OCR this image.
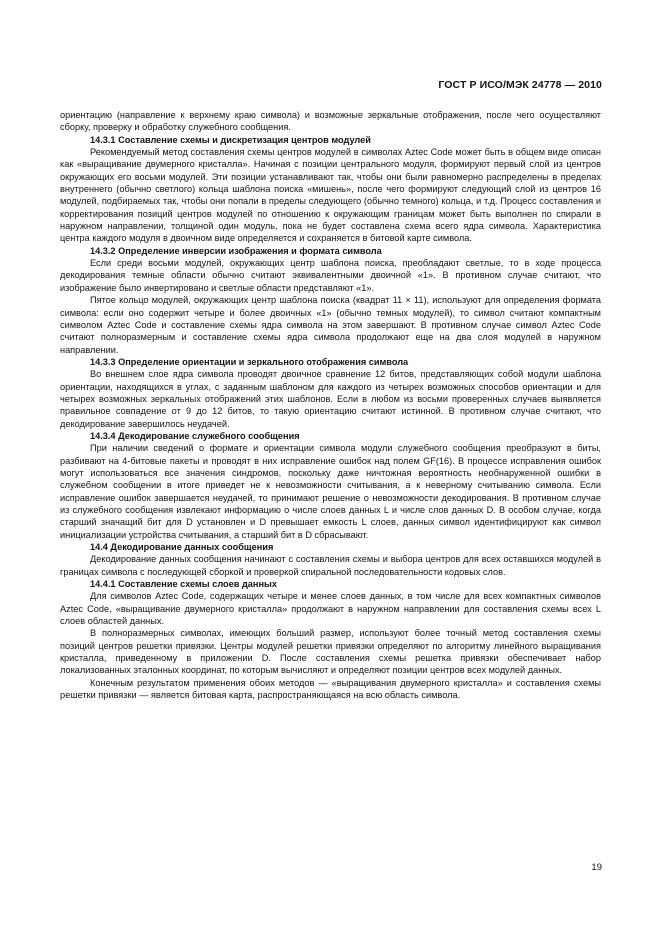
ГОСТ Р ИСО/МЭК 24778 — 2010

ориентацию (направление к верхнему краю символа) и возможные зеркальные отображения, после чего осуществляют сборку, проверку и обработку служебного сообщения.

14.3.1 Составление схемы и дискретизация центров модулей

Рекомендуемый метод составления схемы центров модулей в символах Aztec Code может быть в общем виде описан как «выращивание двумерного кристалла». Начиная с позиции центрального модуля, формируют первый слой из центров окружающих его восьми модулей. Эти позиции устанавливают так, чтобы они были равномерно распределены в пределах внутреннего (обычно светлого) кольца шаблона поиска «мишень», после чего формируют следующий слой из центров 16 модулей, подбираемых так, чтобы они попали в пределы следующего (обычно темного) кольца, и т.д. Процесс составления и корректирования позиций центров модулей по отношению к окружающим границам может быть выполнен по спирали в наружном направлении, толщиной один модуль, пока не будет составлена схема всего ядра символа. Характеристика центра каждого модуля в двоичном виде определяется и сохраняется в битовой карте символа.

14.3.2 Определение инверсии изображения и формата символа

Если среди восьми модулей, окружающих центр шаблона поиска, преобладают светлые, то в ходе процесса декодирования темные области обычно считают эквивалентными двоичной «1». В противном случае считают, что изображение было инвертировано и светлые области представляют «1».

Пятое кольцо модулей, окружающих центр шаблона поиска (квадрат 11 × 11), используют для определения формата символа: если оно содержит четыре и более двоичных «1» (обычно темных модулей), то символ считают компактным символом Aztec Code и составление схемы ядра символа на этом завершают. В противном случае символ Aztec Code считают полноразмерным и составление схемы ядра символа продолжают еще на два слоя модулей в наружном направлении.

14.3.3 Определение ориентации и зеркального отображения символа

Во внешнем слое ядра символа проводят двоичное сравнение 12 битов, представляющих собой модули шаблона ориентации, находящихся в углах, с заданным шаблоном для каждого из четырех возможных способов ориентации и для четырех возможных зеркальных отображений этих шаблонов. Если в любом из восьми проверенных случаев выявляется правильное совпадение от 9 до 12 битов, то такую ориентацию считают истинной. В противном случае считают, что декодирование завершилось неудачей.

14.3.4 Декодирование служебного сообщения

При наличии сведений о формате и ориентации символа модули служебного сообщения преобразуют в биты, разбивают на 4-битовые пакеты и проводят в них исправление ошибок над полем GF(16). В процессе исправления ошибок могут использоваться все значения синдромов, поскольку даже ничтожная вероятность необнаруженной ошибки в служебном сообщении в итоге приведет не к невозможности считывания, а к неверному считыванию символа. Если исправление ошибок завершается неудачей, то принимают решение о невозможности декодирования. В противном случае из служебного сообщения извлекают информацию о числе слоев данных L и числе слов данных D. В особом случае, когда старший значащий бит для D установлен и D превышает емкость L слоев, данных символ идентифицируют как символ инициализации устройства считывания, а старший бит в D сбрасывают.

14.4 Декодирование данных сообщения

Декодирование данных сообщения начинают с составления схемы и выбора центров для всех оставшихся модулей в границах символа с последующей сборкой и проверкой спиральной последовательности кодовых слов.

14.4.1 Составление схемы слоев данных

Для символов Aztec Code, содержащих четыре и менее слоев данных, в том числе для всех компактных символов Aztec Code, «выращивание двумерного кристалла» продолжают в наружном направлении для составления схемы всех L слоев областей данных.

В полноразмерных символах, имеющих больший размер, используют более точный метод составления схемы позиций центров решетки привязки. Центры модулей решетки привязки определяют по алгоритму линейного выращивания кристалла, приведенному в приложении D. После составления схемы решетка привязки обеспечивает набор локализованных эталонных координат, по которым вычисляют и определяют позиции центров всех модулей данных.

Конечным результатом применения обоих методов — «выращивания двумерного кристалла» и составления схемы решетки привязки — является битовая карта, распространяющаяся на всю область символа.

19
